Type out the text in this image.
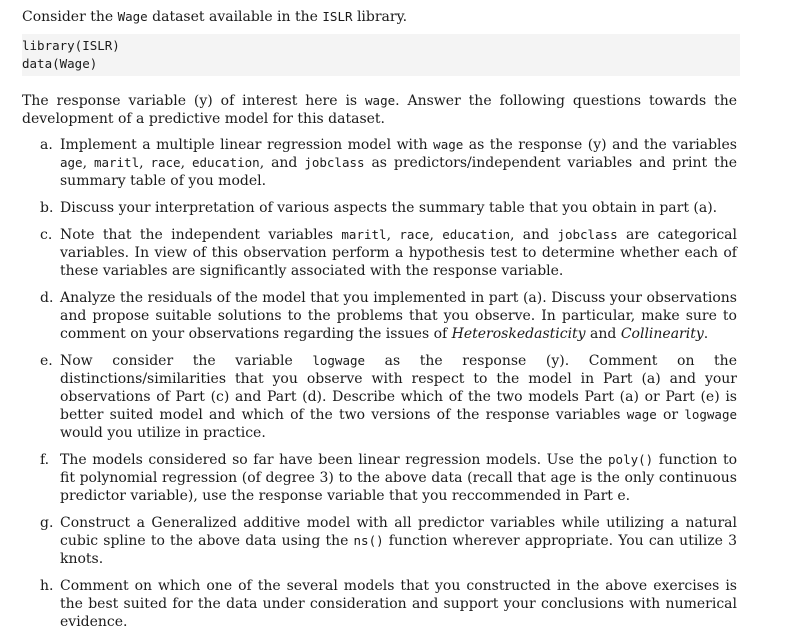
Consider the Wage dataset available in the ISLR library.

library(ISLR)
data(Wage)

The response variable (y) of interest here is wage. Answer the following questions towards the development of a predictive model for this dataset.

a. Implement a multiple linear regression model with wage as the response (y) and the variables age, maritl, race, education, and jobclass as predictors/independent variables and print the summary table of you model.
b. Discuss your interpretation of various aspects the summary table that you obtain in part (a).
c. Note that the independent variables maritl, race, education, and jobclass are categorical variables. In view of this observation perform a hypothesis test to determine whether each of these variables are significantly associated with the response variable.
d. Analyze the residuals of the model that you implemented in part (a). Discuss your observations and propose suitable solutions to the problems that you observe. In particular, make sure to comment on your observations regarding the issues of Heteroskedasticity and Collinearity.
e. Now consider the variable logwage as the response (y). Comment on the distinctions/similarities that you observe with respect to the model in Part (a) and your observations of Part (c) and Part (d). Describe which of the two models Part (a) or Part (e) is better suited model and which of the two versions of the response variables wage or logwage would you utilize in practice.
f. The models considered so far have been linear regression models. Use the poly() function to fit polynomial regression (of degree 3) to the above data (recall that age is the only continuous predictor variable), use the response variable that you reccommended in Part e.
g. Construct a Generalized additive model with all predictor variables while utilizing a natural cubic spline to the above data using the ns() function wherever appropriate. You can utilize 3 knots.
h. Comment on which one of the several models that you constructed in the above exercises is the best suited for the data under consideration and support your conclusions with numerical evidence.
